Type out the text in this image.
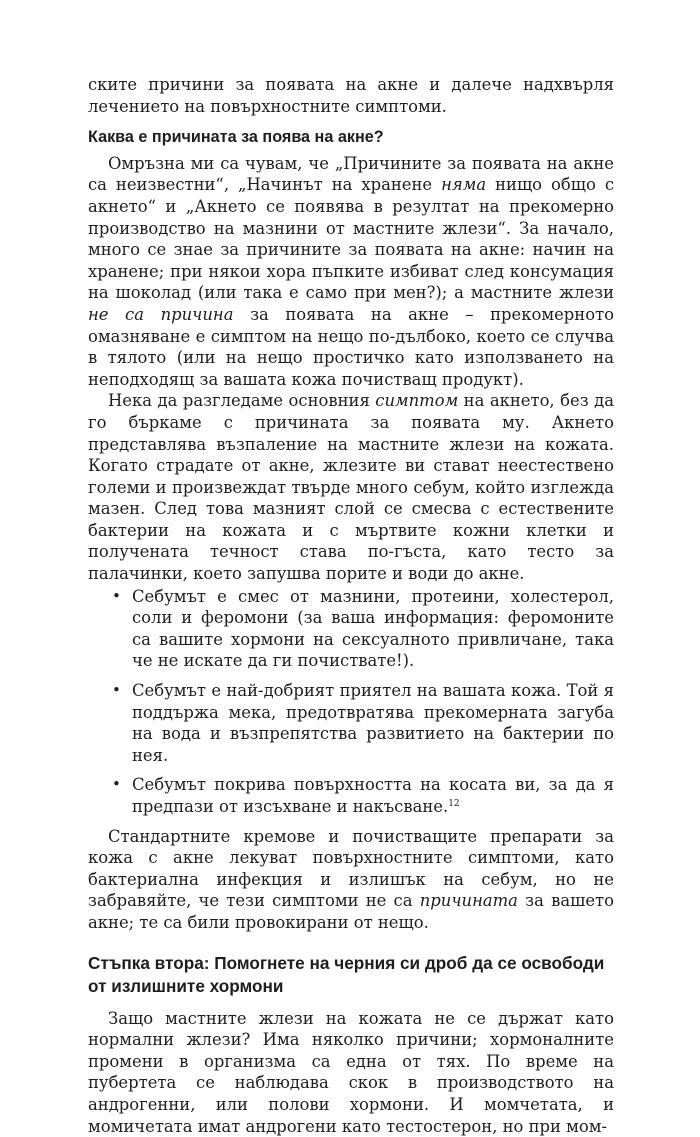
ските причини за появата на акне и далече надхвърля лечението на повърхностните симптоми.

Каква е причината за поява на акне?

Омръзна ми са чувам, че „Причините за появата на акне са неизвестни“, „Начинът на хранене няма нищо общо с акнето“ и „Акнето се появява в резултат на прекомерно производство на мазнини от мастните жлези“. За начало, много се знае за причините за появата на акне: начин на хранене; при някои хора пъпките избиват след консумация на шоколад (или така е само при мен?); а мастните жлези не са причина за появата на акне – прекомерното омазняване е симптом на нещо по-дълбоко, което се случва в тялото (или на нещо простичко като използването на неподходящ за вашата кожа почистващ продукт).

Нека да разгледаме основния симптом на акнето, без да го бъркаме с причината за появата му. Акнето представлява възпаление на мастните жлези на кожата. Когато страдате от акне, жлезите ви стават неестествено големи и произвеждат твърде много себум, който изглежда мазен. След това мазният слой се смесва с естествените бактерии на кожата и с мъртвите кожни клетки и получената течност става по-гъста, като тесто за палачинки, което запушва порите и води до акне.

• Себумът е смес от мазнини, протеини, холестерол, соли и феромони (за ваша информация: феромоните са вашите хормони на сексуалното привличане, така че не искате да ги почиствате!).
• Себумът е най-добрият приятел на вашата кожа. Той я поддържа мека, предотвратява прекомерната загуба на вода и възпрепятства развитието на бактерии по нея.
• Себумът покрива повърхността на косата ви, за да я предпази от изсъхване и накъсване.$^{12}$

Стандартните кремове и почистващите препарати за кожа с акне лекуват повърхностните симптоми, като бактериална инфекция и излишък на себум, но не забравяйте, че тези симптоми не са причината за вашето акне; те са били провокирани от нещо.

Стъпка втора: Помогнете на черния си дроб да се освободи от излишните хормони

Защо мастните жлези на кожата не се държат като нормални жлези? Има няколко причини; хормоналните промени в организма са една от тях. По време на пубертета се наблюдава скок в производството на андрогенни, или полови хормони. И момчетата, и момичетата имат андрогени като тестостерон, но при мом-
